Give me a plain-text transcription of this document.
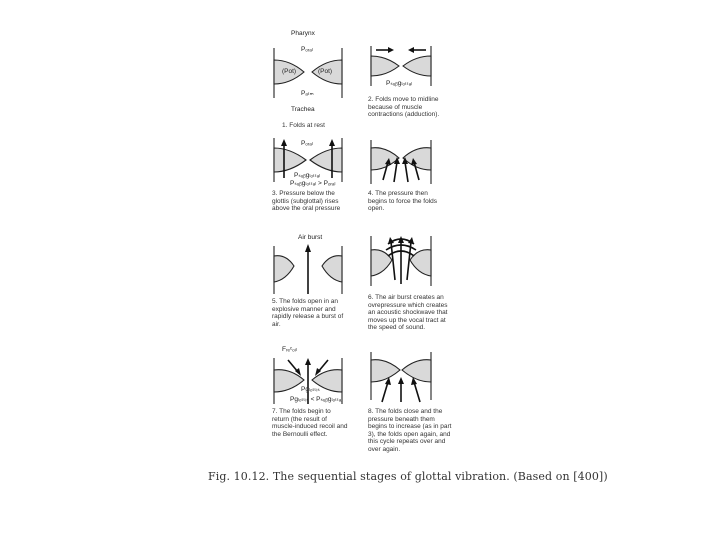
Pharynx
Pₒᵣₐₗ
(Pot)	(Pot)
Pₐₜₘ
Trachea
1. Folds at rest
Pₛᵤᵦɡₗₒₜₜₐₗ
2. Folds move to midline
because of muscle
contractions (adduction).
Pₒᵣₐₗ
Pₛᵤᵦɡₗₒₜₜₐₗ
Pₛᵤᵦɡₗₒₜₜₐₗ > Pₒᵣₐₗ
3. Pressure below the
glottis (subglottal) rises
above the oral pressure
4. The pressure then
begins to force the folds
open.
Air burst
5. The folds open in an
explosive manner and
rapidly release a burst of
air.
6. The air burst creates an
ovrepressure which creates
an acoustic shockwave that
moves up the vocal tract at
the speed of sound.
Fᵣₑᶜₒᵢₗ
Pɡₗₒₜₜᵢₛ
Pɡₗₒₜₜᵢₛ < Pₛᵤᵦɡₗₒₜₜₐₗ
7. The folds begin to
return (the result of
muscle-induced recoil and
the Bernoulli effect.
8. The folds close and the
pressure beneath them
begins to increase (as in part
3), the folds open again, and
this cycle repeats over and
over again.
Fig. 10.12. The sequential stages of glottal vibration. (Based on [400])
